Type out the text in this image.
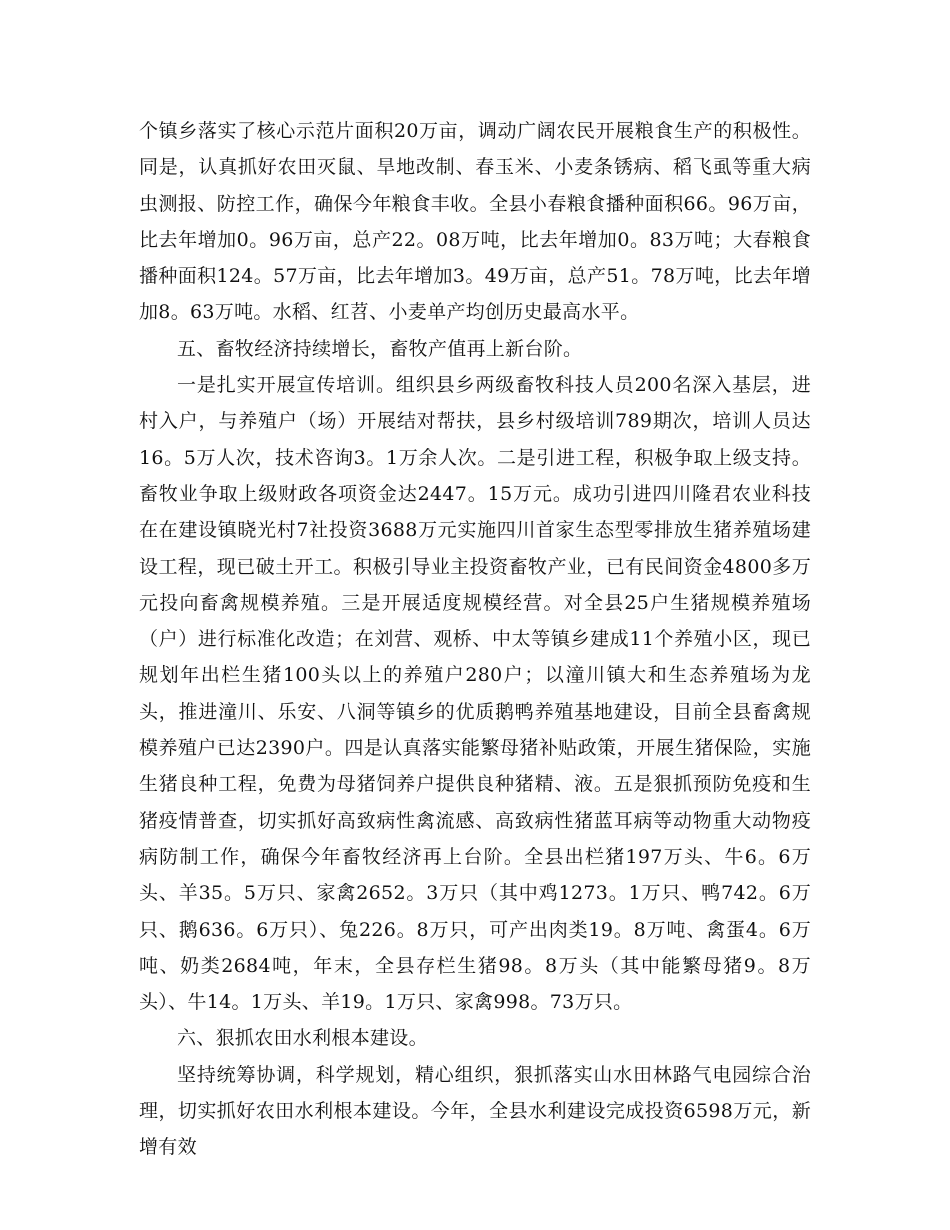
个镇乡落实了核心示范片面积20万亩，调动广阔农民开展粮食生产的积极性。同是，认真抓好农田灭鼠、旱地改制、春玉米、小麦条锈病、稻飞虱等重大病虫测报、防控工作，确保今年粮食丰收。全县小春粮食播种面积66。96万亩，比去年增加0。96万亩，总产22。08万吨，比去年增加0。83万吨；大春粮食播种面积124。57万亩，比去年增加3。49万亩，总产51。78万吨，比去年增加8。63万吨。水稻、红苕、小麦单产均创历史最高水平。

五、畜牧经济持续增长，畜牧产值再上新台阶。

一是扎实开展宣传培训。组织县乡两级畜牧科技人员200名深入基层，进村入户，与养殖户（场）开展结对帮扶，县乡村级培训789期次，培训人员达16。5万人次，技术咨询3。1万余人次。二是引进工程，积极争取上级支持。畜牧业争取上级财政各项资金达2447。15万元。成功引进四川隆君农业科技在在建设镇晓光村7社投资3688万元实施四川首家生态型零排放生猪养殖场建设工程，现已破土开工。积极引导业主投资畜牧产业，已有民间资金4800多万元投向畜禽规模养殖。三是开展适度规模经营。对全县25户生猪规模养殖场（户）进行标准化改造；在刘营、观桥、中太等镇乡建成11个养殖小区，现已规划年出栏生猪100头以上的养殖户280户；以潼川镇大和生态养殖场为龙头，推进潼川、乐安、八洞等镇乡的优质鹅鸭养殖基地建设，目前全县畜禽规模养殖户已达2390户。四是认真落实能繁母猪补贴政策，开展生猪保险，实施生猪良种工程，免费为母猪饲养户提供良种猪精、液。五是狠抓预防免疫和生猪疫情普查，切实抓好高致病性禽流感、高致病性猪蓝耳病等动物重大动物疫病防制工作，确保今年畜牧经济再上台阶。全县出栏猪197万头、牛6。6万头、羊35。5万只、家禽2652。3万只（其中鸡1273。1万只、鸭742。6万只、鹅636。6万只）、兔226。8万只，可产出肉类19。8万吨、禽蛋4。6万吨、奶类2684吨，年末，全县存栏生猪98。8万头（其中能繁母猪9。8万头）、牛14。1万头、羊19。1万只、家禽998。73万只。

六、狠抓农田水利根本建设。

坚持统筹协调，科学规划，精心组织，狠抓落实山水田林路气电园综合治理，切实抓好农田水利根本建设。今年，全县水利建设完成投资6598万元，新增有效
